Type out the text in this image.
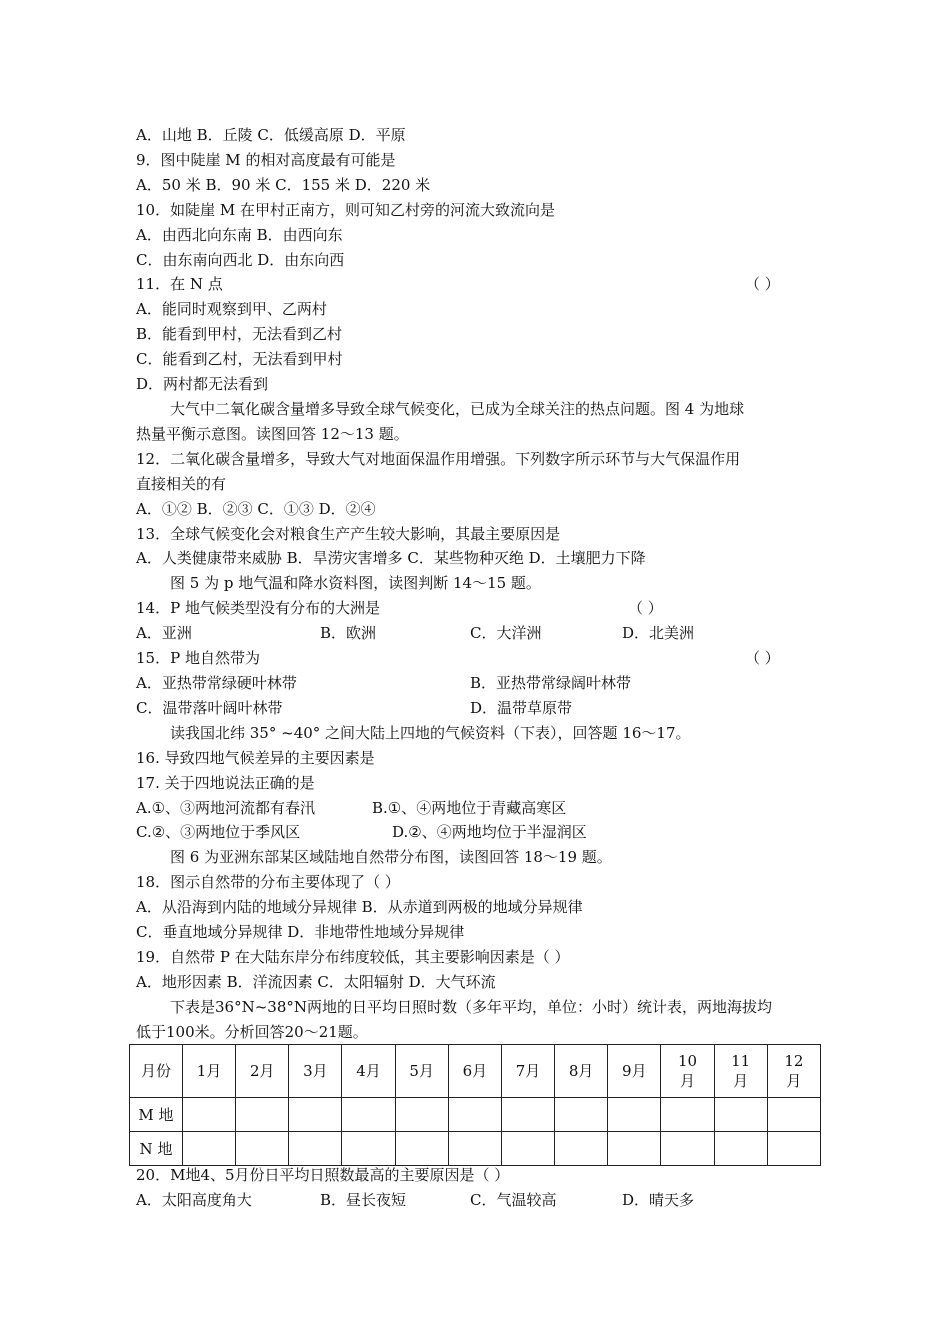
A．山地 B．丘陵 C．低缓高原 D．平原
9．图中陡崖 M 的相对高度最有可能是
A．50 米 B．90 米 C．155 米 D．220 米
10．如陡崖 M 在甲村正南方，则可知乙村旁的河流大致流向是
A．由西北向东南 B．由西向东
C．由东南向西北 D．由东向西
11．在 N 点	（ ）
A．能同时观察到甲、乙两村
B．能看到甲村，无法看到乙村
C．能看到乙村，无法看到甲村
D．两村都无法看到
大气中二氧化碳含量增多导致全球气候变化，已成为全球关注的热点问题。图 4 为地球
热量平衡示意图。读图回答 12～13 题。
12．二氧化碳含量增多，导致大气对地面保温作用增强。下列数字所示环节与大气保温作用
直接相关的有
A．①② B．②③ C．①③ D．②④
13．全球气候变化会对粮食生产产生较大影响，其最主要原因是
A．人类健康带来威胁 B．旱涝灾害增多 C．某些物种灭绝 D．土壤肥力下降
图 5 为 p 地气温和降水资料图，读图判断 14～15 题。
14．P 地气候类型没有分布的大洲是	（ ）
A．亚洲	B．欧洲	C．大洋洲	D．北美洲
15．P 地自然带为	（ ）
A．亚热带常绿硬叶林带	B．亚热带常绿阔叶林带
C．温带落叶阔叶林带	D．温带草原带
读我国北纬 35° ~40° 之间大陆上四地的气候资料（下表），回答题 16～17。
16. 导致四地气候差异的主要因素是
17. 关于四地说法正确的是
A.①、③两地河流都有春汛	B.①、④两地位于青藏高寒区
C.②、③两地位于季风区	D.②、④两地均位于半湿润区
图 6 为亚洲东部某区域陆地自然带分布图，读图回答 18～19 题。
18．图示自然带的分布主要体现了（ ）
A．从沿海到内陆的地域分异规律 B．从赤道到两极的地域分异规律
C．垂直地域分异规律 D．非地带性地域分异规律
19．自然带 P 在大陆东岸分布纬度较低，其主要影响因素是（ ）
A．地形因素 B．洋流因素 C．太阳辐射 D．大气环流
下表是36°N~38°N两地的日平均日照时数（多年平均，单位：小时）统计表，两地海拔均
低于100米。分析回答20～21题。
月份	1月	2月	3月	4月	5月	6月	7月	8月	9月	10月	11月	12月
M 地												
N 地												
20．M地4、5月份日平均日照数最高的主要原因是（ ）
A．太阳高度角大	B．昼长夜短	C．气温较高	D．晴天多
